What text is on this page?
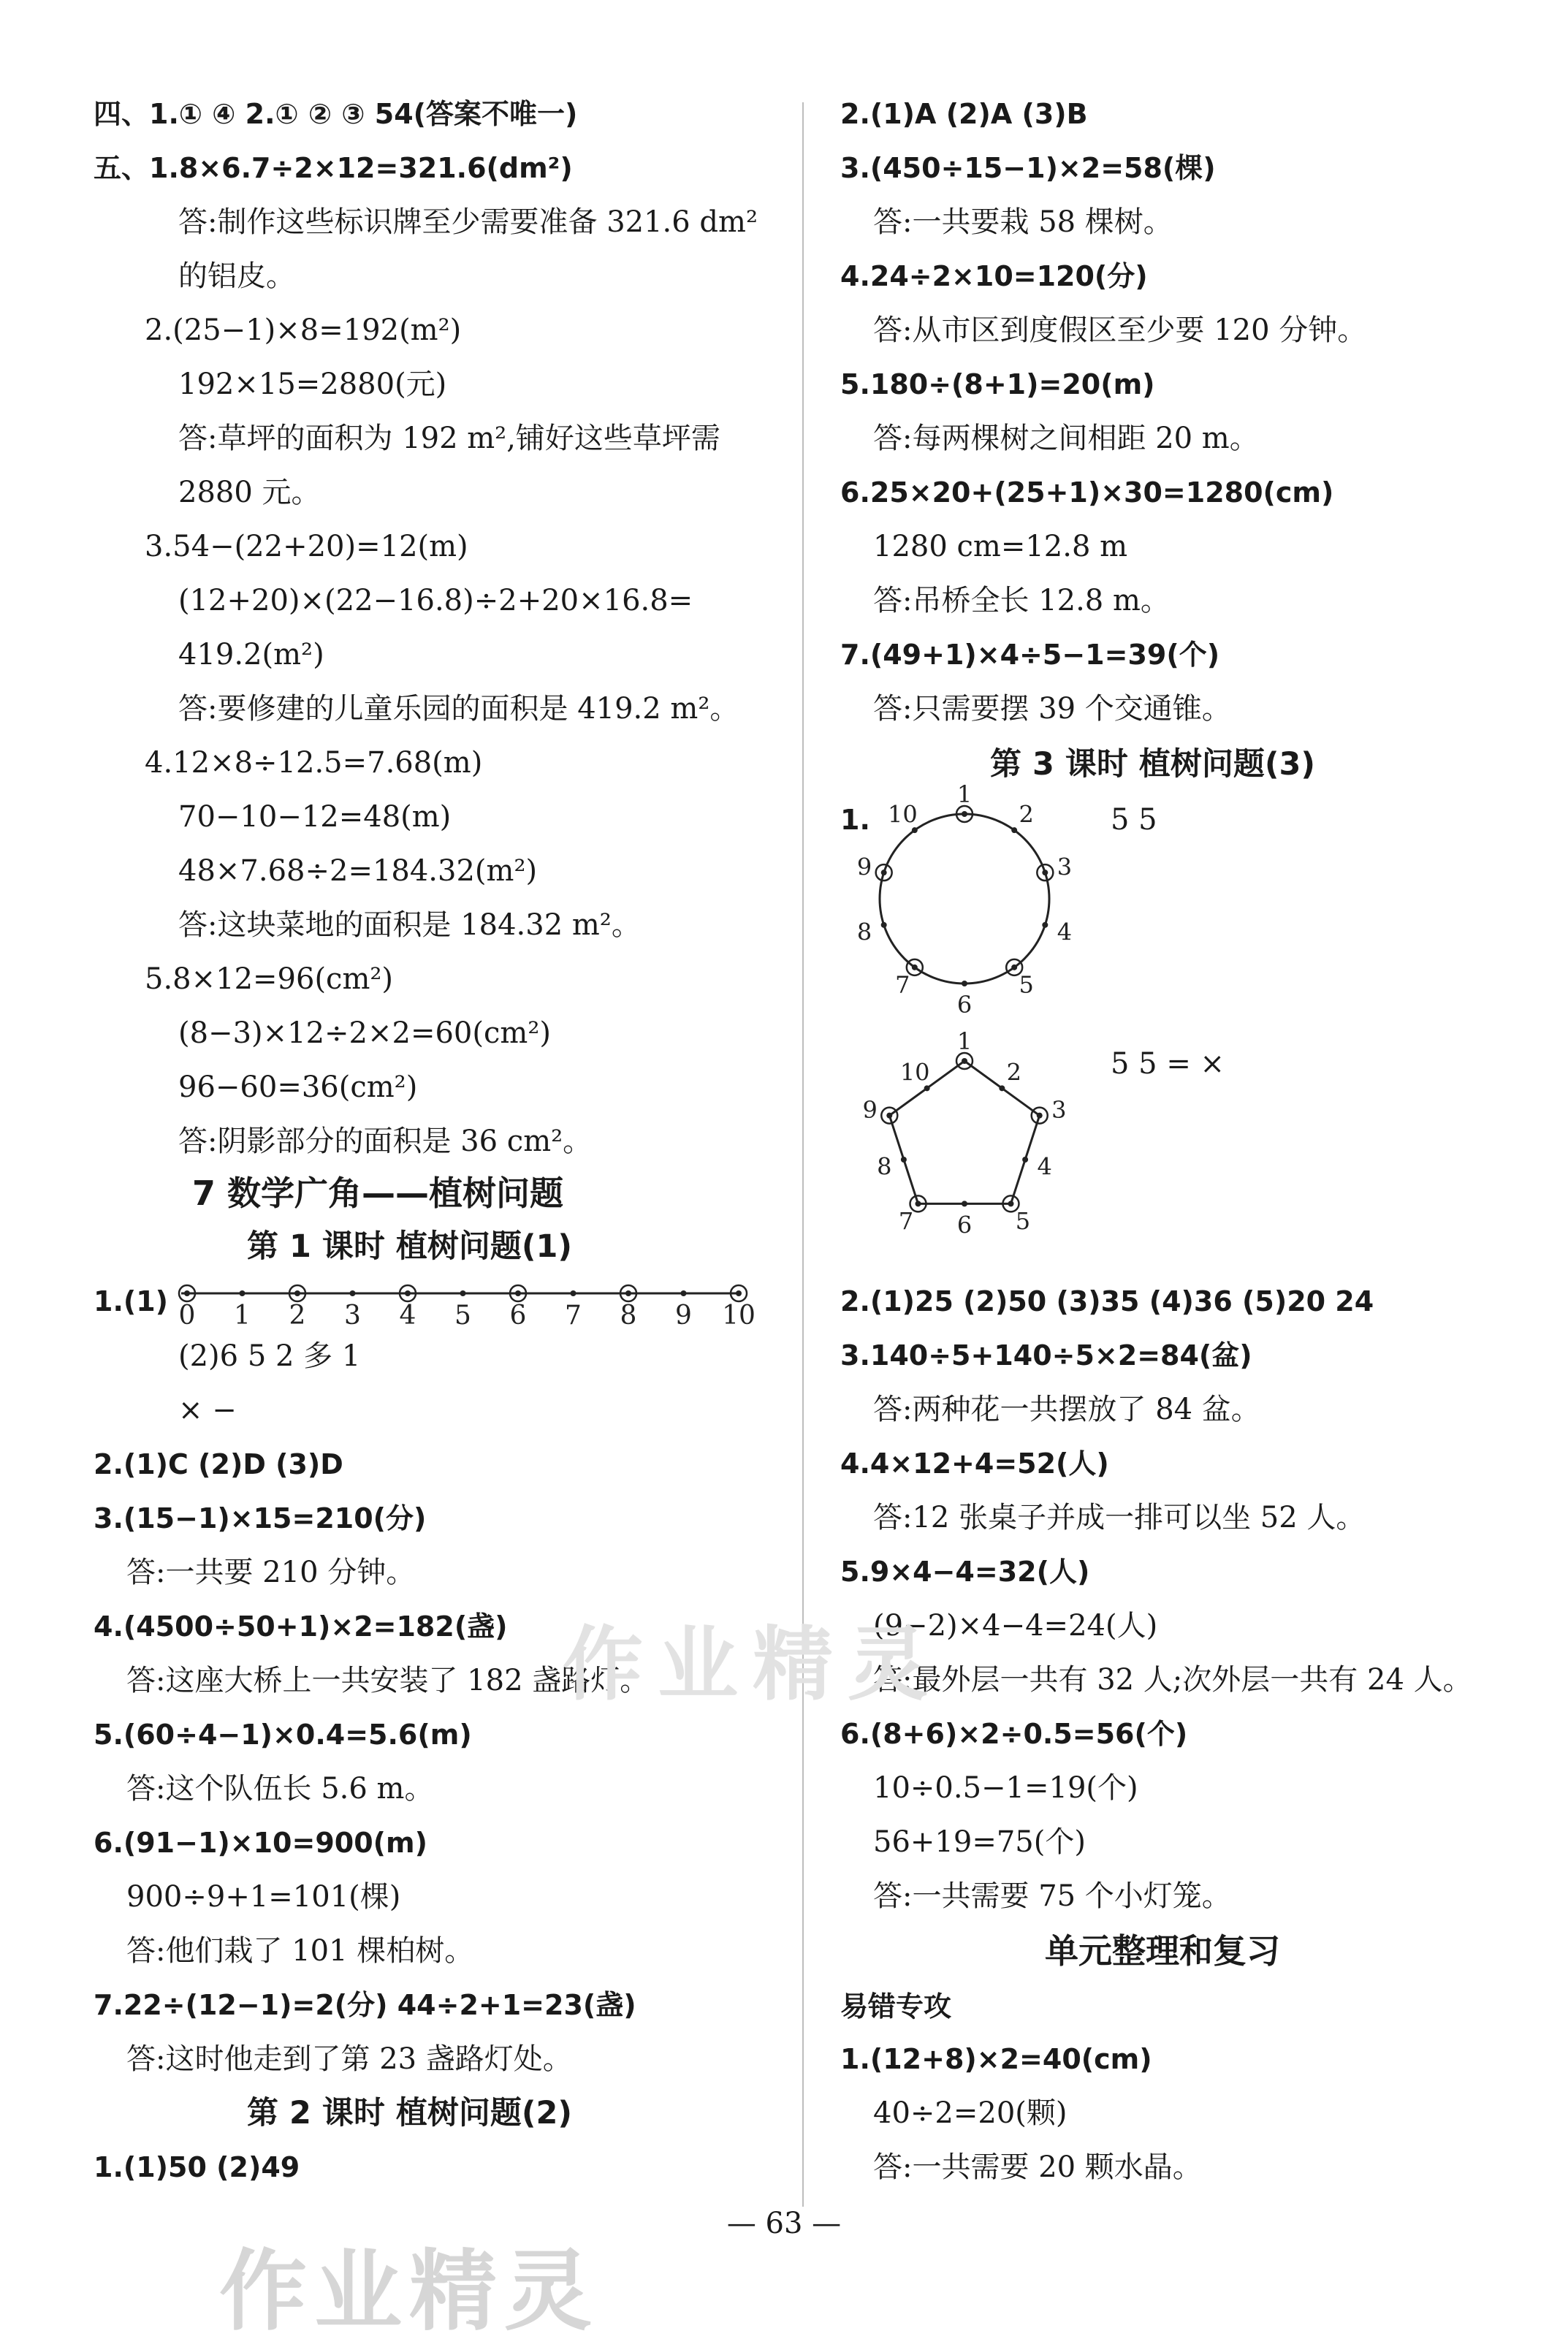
四、1.① ④ 2.① ② ③ 54(答案不唯一)
五、1.8×6.7÷2×12=321.6(dm²)
答:制作这些标识牌至少需要准备 321.6 dm²
的铝皮。
2.(25−1)×8=192(m²)
192×15=2880(元)
答:草坪的面积为 192 m²,铺好这些草坪需
2880 元。
3.54−(22+20)=12(m)
(12+20)×(22−16.8)÷2+20×16.8=
419.2(m²)
答:要修建的儿童乐园的面积是 419.2 m²。
4.12×8÷12.5=7.68(m)
70−10−12=48(m)
48×7.68÷2=184.32(m²)
答:这块菜地的面积是 184.32 m²。
5.8×12=96(cm²)
(8−3)×12÷2×2=60(cm²)
96−60=36(cm²)
答:阴影部分的面积是 36 cm²。
7 数学广角——植树问题
第 1 课时 植树问题(1)
1.(1) 0 1 2 3 4 5 6 7 8 9 10
(2)6 5 2 多 1
× −
2.(1)C (2)D (3)D
3.(15−1)×15=210(分)
答:一共要 210 分钟。
4.(4500÷50+1)×2=182(盏)
答:这座大桥上一共安装了 182 盏路灯。
5.(60÷4−1)×0.4=5.6(m)
答:这个队伍长 5.6 m。
6.(91−1)×10=900(m)
900÷9+1=101(棵)
答:他们栽了 101 棵柏树。
7.22÷(12−1)=2(分) 44÷2+1=23(盏)
答:这时他走到了第 23 盏路灯处。
第 2 课时 植树问题(2)
1.(1)50 (2)49
2.(1)A (2)A (3)B
3.(450÷15−1)×2=58(棵)
答:一共要栽 58 棵树。
4.24÷2×10=120(分)
答:从市区到度假区至少要 120 分钟。
5.180÷(8+1)=20(m)
答:每两棵树之间相距 20 m。
6.25×20+(25+1)×30=1280(cm)
1280 cm=12.8 m
答:吊桥全长 12.8 m。
7.(49+1)×4÷5−1=39(个)
答:只需要摆 39 个交通锥。
第 3 课时 植树问题(3)
1.
1
2
3
4
5
6
7
8
9
10	5 5
1
2
3
4
5
6
7
8
9
10	5 5 = ×
2.(1)25 (2)50 (3)35 (4)36 (5)20 24
3.140÷5+140÷5×2=84(盆)
答:两种花一共摆放了 84 盆。
4.4×12+4=52(人)
答:12 张桌子并成一排可以坐 52 人。
5.9×4−4=32(人)
(9−2)×4−4=24(人)
答:最外层一共有 32 人;次外层一共有 24 人。
6.(8+6)×2÷0.5=56(个)
10÷0.5−1=19(个)
56+19=75(个)
答:一共需要 75 个小灯笼。
单元整理和复习
易错专攻
1.(12+8)×2=40(cm)
40÷2=20(颗)
答:一共需要 20 颗水晶。
作业精灵
— 63 —
作业精灵
